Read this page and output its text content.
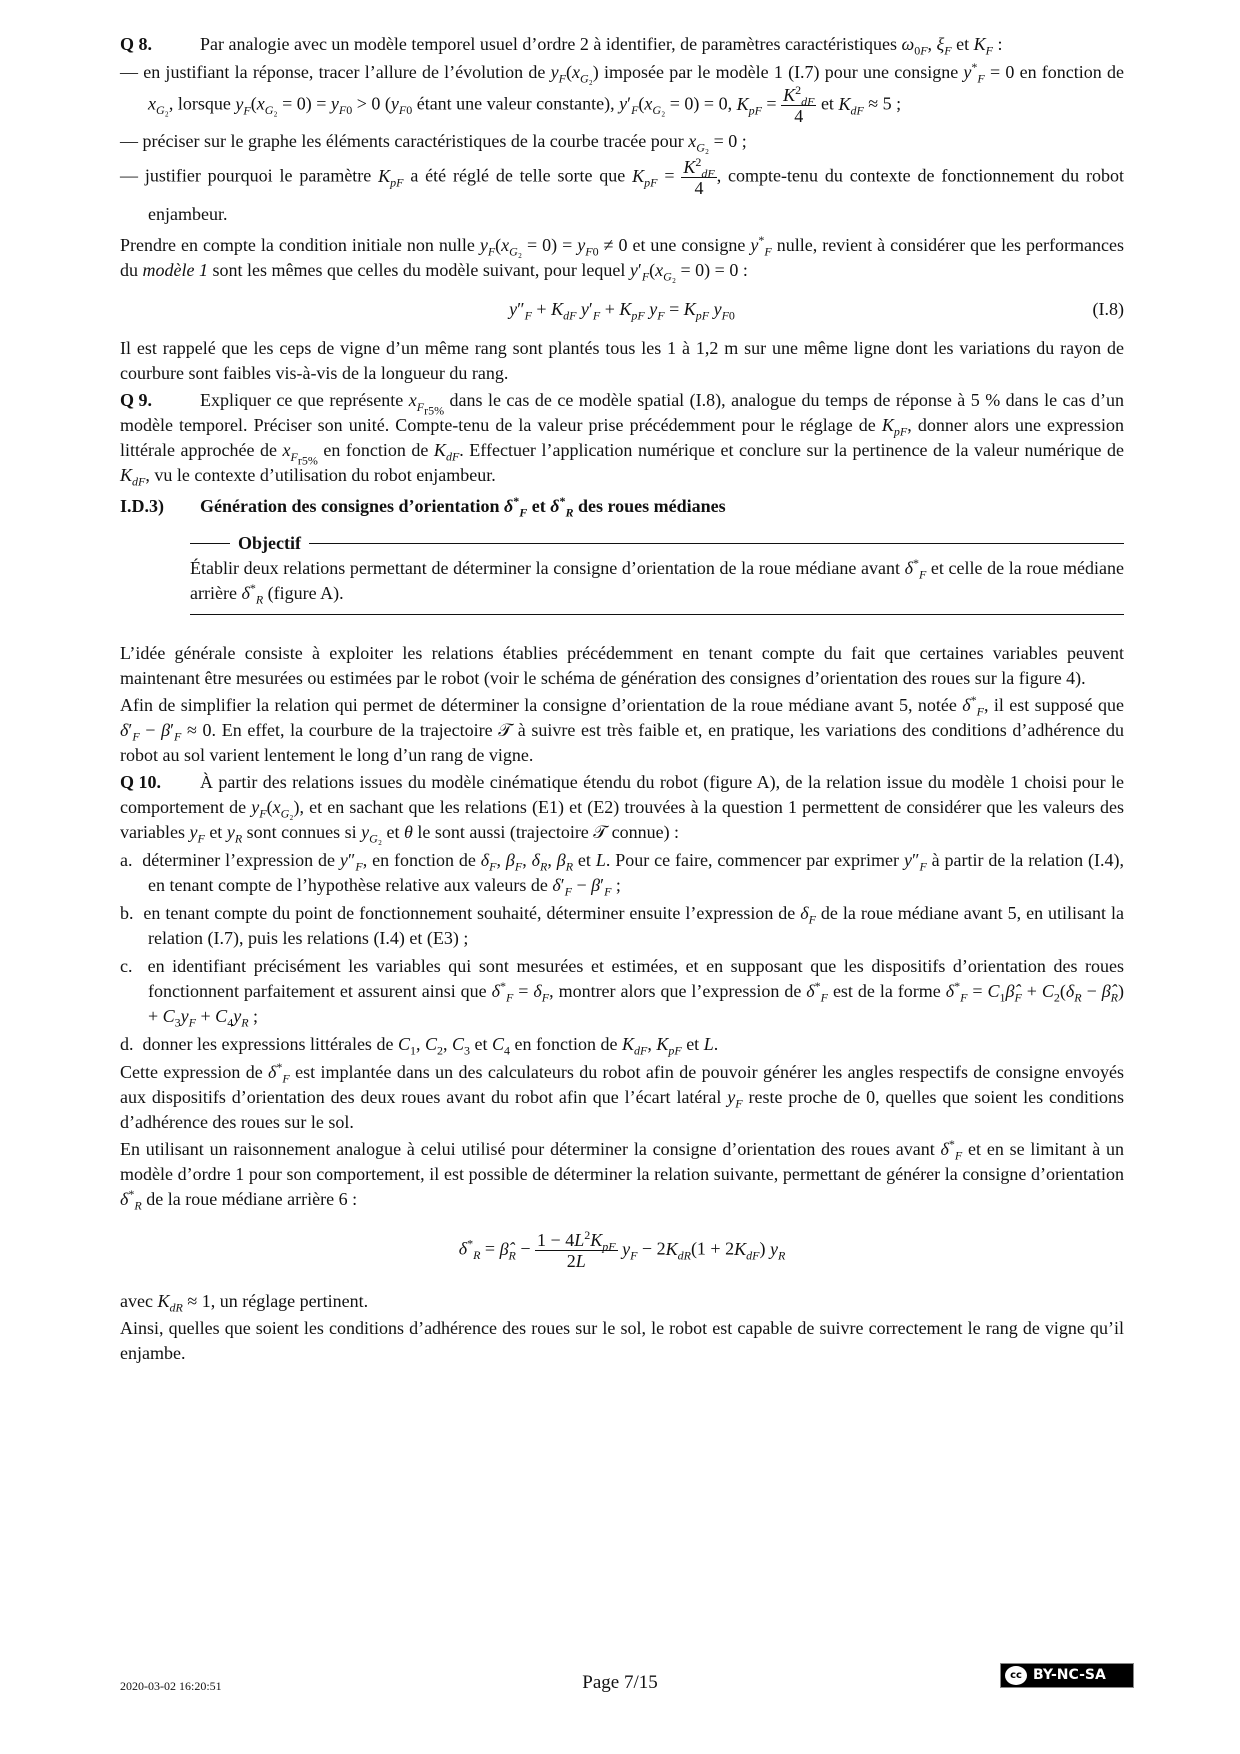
Q 8.	Par analogie avec un modèle temporel usuel d’ordre 2 à identifier, de paramètres caractéristiques $\omega_{0F}$, $\xi_F$ et $K_F$ :

— en justifiant la réponse, tracer l’allure de l’évolution de $y_F(x_{G_2})$ imposée par le modèle 1 (I.7) pour une consigne $y^*_F = 0$ en fonction de $x_{G_2}$, lorsque $y_F(x_{G_2} = 0) = y_{F0} > 0$ ($y_{F0}$ étant une valeur constante), $y'_F(x_{G_2} = 0) = 0$, $K_{pF} = \frac{K^2_{dF}}{4}$ et $K_{dF} \approx 5$ ;

— préciser sur le graphe les éléments caractéristiques de la courbe tracée pour $x_{G_2} = 0$ ;

— justifier pourquoi le paramètre $K_{pF}$ a été réglé de telle sorte que $K_{pF} = \frac{K^2_{dF}}{4}$ , compte-tenu du contexte de fonctionnement du robot enjambeur.

Prendre en compte la condition initiale non nulle $y_F(x_{G_2} = 0) = y_{F0} \ne 0$ et une consigne $y^*_F$ nulle, revient à considérer que les performances du modèle 1 sont les mêmes que celles du modèle suivant, pour lequel $y'_F(x_{G_2} = 0) = 0$ :

$y''_F + K_{dF}$ $y'_F + K_{pF}$ $y_F = K_{pF}$ $y_{F0}$	(I.8)

Il est rappelé que les ceps de vigne d’un même rang sont plantés tous les 1 à 1,2 m sur une même ligne dont les variations du rayon de courbure sont faibles vis-à-vis de la longueur du rang.

Q 9.	Expliquer ce que représente $x_{F_{r5\%}}$ dans le cas de ce modèle spatial (I.8), analogue du temps de réponse à 5 % dans le cas d’un modèle temporel. Préciser son unité. Compte-tenu de la valeur prise précédemment pour le réglage de $K_{pF}$, donner alors une expression littérale approchée de $x_{F_{r5\%}}$ en fonction de $K_{dF}$. Effectuer l’application numérique et conclure sur la pertinence de la valeur numérique de $K_{dF}$, vu le contexte d’utilisation du robot enjambeur.

I.D.3) Génération des consignes d’orientation $\delta^*_F$ et $\delta^*_R$ des roues médianes
Objectif

Établir deux relations permettant de déterminer la consigne d’orientation de la roue médiane avant $\delta^*_F$ et celle de la roue médiane arrière $\delta^*_R$ (figure A).

L’idée générale consiste à exploiter les relations établies précédemment en tenant compte du fait que certaines variables peuvent maintenant être mesurées ou estimées par le robot (voir le schéma de génération des consignes d’orientation des roues sur la figure 4).

Afin de simplifier la relation qui permet de déterminer la consigne d’orientation de la roue médiane avant 5, notée $\delta^*_F$, il est supposé que $\delta'_F - \beta'_F \approx 0$. En effet, la courbure de la trajectoire 𝒯 à suivre est très faible et, en pratique, les variations des conditions d’adhérence du robot au sol varient lentement le long d’un rang de vigne.

Q 10. À partir des relations issues du modèle cinématique étendu du robot (figure A), de la relation issue du modèle 1 choisi pour le comportement de $y_F(x_{G_2})$, et en sachant que les relations (E1) et (E2) trouvées à la question 1 permettent de considérer que les valeurs des variables $y_F$ et $y_R$ sont connues si $y_{G_2}$ et θ le sont aussi (trajectoire 𝒯 connue) :

a.  déterminer l’expression de $y''_F$, en fonction de $\delta_F$, $\beta_F$, $\delta_R$, $\beta_R$ et L. Pour ce faire, commencer par exprimer $y''_F$ à partir de la relation (I.4), en tenant compte de l’hypothèse relative aux valeurs de $\delta'_F - \beta'_F$ ;

b.  en tenant compte du point de fonctionnement souhaité, déterminer ensuite l’expression de $\delta_F$ de la roue médiane avant 5, en utilisant la relation (I.7), puis les relations (I.4) et (E3) ;

c.  en identifiant précisément les variables qui sont mesurées et estimées, et en supposant que les dispositifs d’orientation des roues fonctionnent parfaitement et assurent ainsi que $\delta^*_F = \delta_F$, montrer alors que l’expression de $\delta^*_F$ est de la forme $\delta^*_F$ = $C_1\betâ_F + C_2(\delta_R$ − $\betâ_R) + C_3y_F + C_4y_R$ ;

d.  donner les expressions littérales de $C_1$, $C_2$, $C_3$ et $C_4$ en fonction de $K_{dF}$, $K_{pF}$ et L.

Cette expression de $\delta^*_F$ est implantée dans un des calculateurs du robot afin de pouvoir générer les angles respectifs de consigne envoyés aux dispositifs d’orientation des deux roues avant du robot afin que l’écart latéral $y_F$ reste proche de 0, quelles que soient les conditions d’adhérence des roues sur le sol.

En utilisant un raisonnement analogue à celui utilisé pour déterminer la consigne d’orientation des roues avant $\delta^*_F$ et en se limitant à un modèle d’ordre 1 pour son comportement, il est possible de déterminer la relation suivante, permettant de générer la consigne d’orientation $\delta^*_R$ de la roue médiane arrière 6 :

$\delta^*_R$ = $\betâ_R - \frac{1 - 4L^2K_{pF}}{2L} y_F - 2K_{dR}(1 + 2K_{dF})$ $y_R$

avec $K_{dR} \approx 1$, un réglage pertinent.

Ainsi, quelles que soient les conditions d’adhérence des roues sur le sol, le robot est capable de suivre correctement le rang de vigne qu’il enjambe.

2020-03-02 16:20:51	Page 7/15	cc BY-NC-SA
